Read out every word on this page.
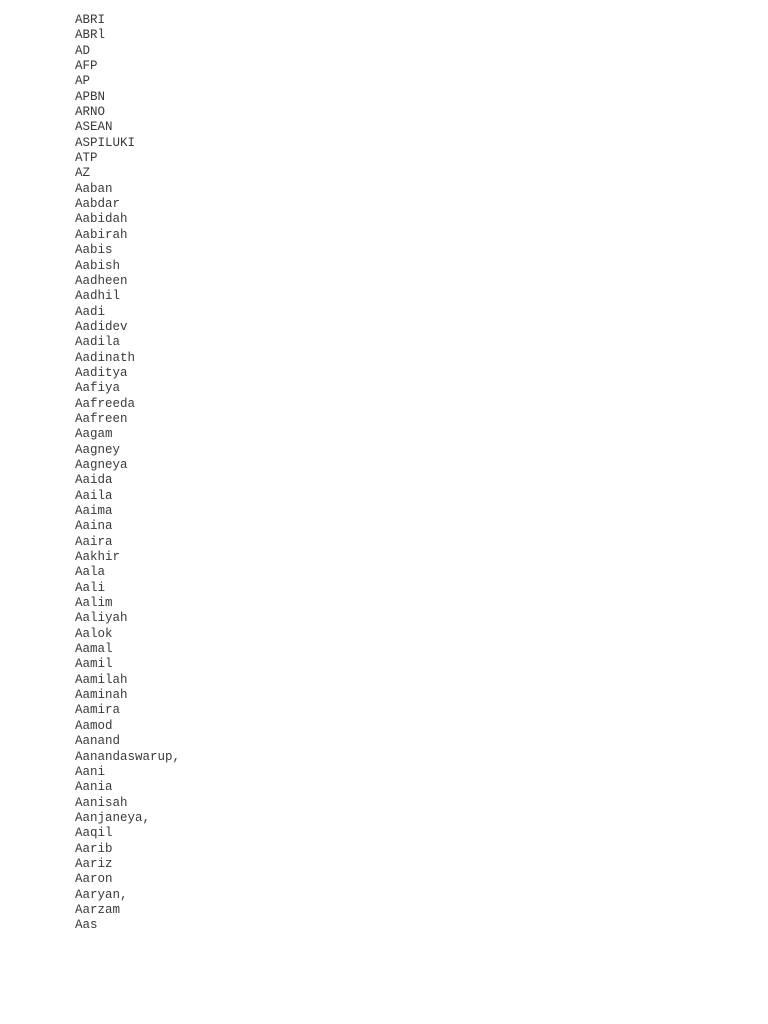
ABRI
ABRl
AD
AFP
AP
APBN
ARNO
ASEAN
ASPILUKI
ATP
AZ
Aaban
Aabdar
Aabidah
Aabirah
Aabis
Aabish
Aadheen
Aadhil
Aadi
Aadidev
Aadila
Aadinath
Aaditya
Aafiya
Aafreeda
Aafreen
Aagam
Aagney
Aagneya
Aaida
Aaila
Aaima
Aaina
Aaira
Aakhir
Aala
Aali
Aalim
Aaliyah
Aalok
Aamal
Aamil
Aamilah
Aaminah
Aamira
Aamod
Aanand
Aanandaswarup,
Aani
Aania
Aanisah
Aanjaneya,
Aaqil
Aarib
Aariz
Aaron
Aaryan,
Aarzam
Aas
